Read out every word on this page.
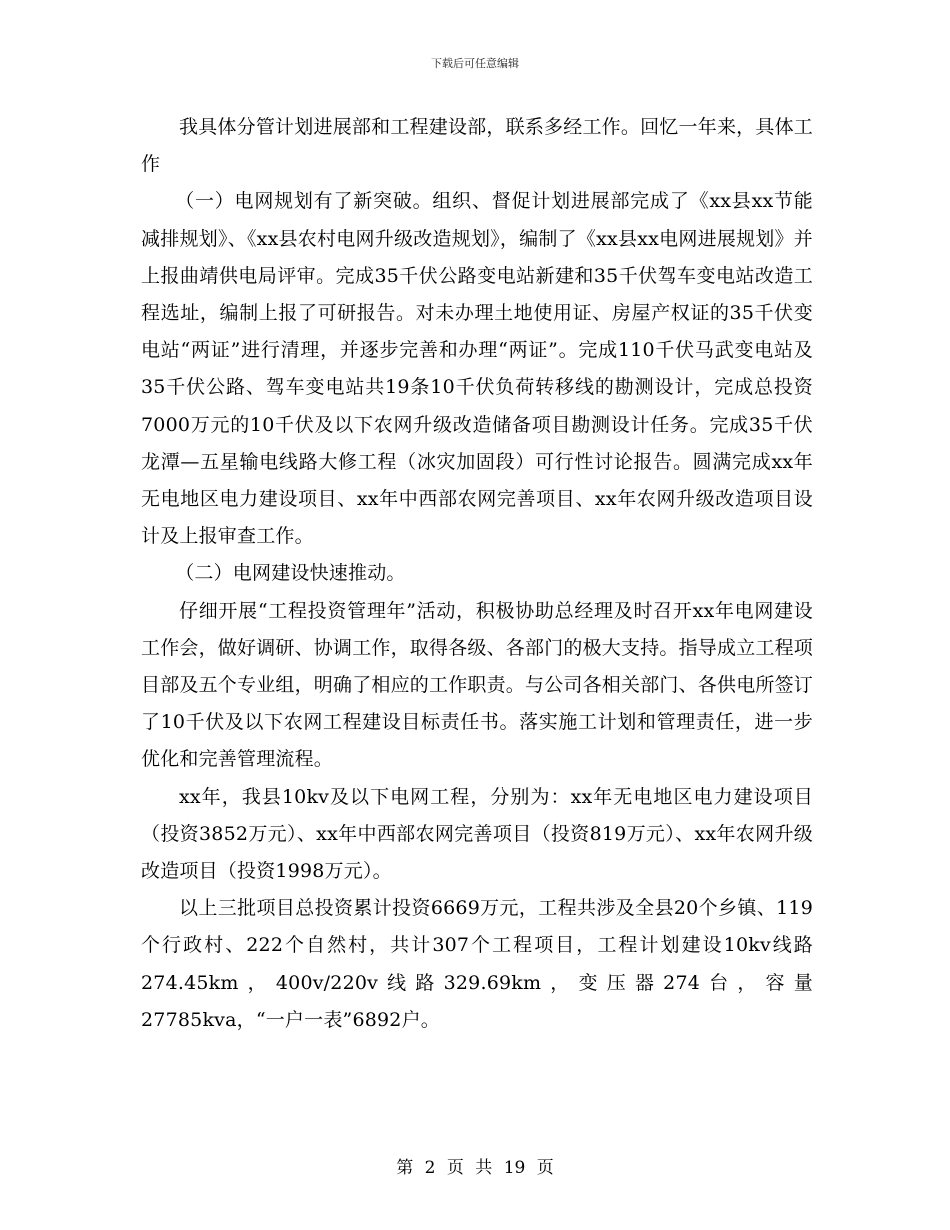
下载后可任意编辑

我具体分管计划进展部和工程建设部，联系多经工作。回忆一年来，具体工作

（一）电网规划有了新突破。组织、督促计划进展部完成了《xx县xx节能减排规划》、《xx县农村电网升级改造规划》，编制了《xx县xx电网进展规划》并上报曲靖供电局评审。完成35千伏公路变电站新建和35千伏驾车变电站改造工程选址，编制上报了可研报告。对未办理土地使用证、房屋产权证的35千伏变电站“两证”进行清理，并逐步完善和办理“两证”。完成110千伏马武变电站及35千伏公路、驾车变电站共19条10千伏负荷转移线的勘测设计，完成总投资7000万元的10千伏及以下农网升级改造储备项目勘测设计任务。完成35千伏龙潭—五星输电线路大修工程（冰灾加固段）可行性讨论报告。圆满完成xx年无电地区电力建设项目、xx年中西部农网完善项目、xx年农网升级改造项目设计及上报审查工作。

（二）电网建设快速推动。

仔细开展“工程投资管理年”活动，积极协助总经理及时召开xx年电网建设工作会，做好调研、协调工作，取得各级、各部门的极大支持。指导成立工程项目部及五个专业组，明确了相应的工作职责。与公司各相关部门、各供电所签订了10千伏及以下农网工程建设目标责任书。落实施工计划和管理责任，进一步优化和完善管理流程。

xx年，我县10kv及以下电网工程，分别为：xx年无电地区电力建设项目（投资3852万元）、xx年中西部农网完善项目（投资819万元）、xx年农网升级改造项目（投资1998万元）。

以上三批项目总投资累计投资6669万元，工程共涉及全县20个乡镇、119个行政村、222个自然村，共计307个工程项目，工程计划建设10kv线路274.45km，400v/220v线路329.69km，变压器274台，容量27785kva，“一户一表”6892户。

第 2 页 共 19 页
